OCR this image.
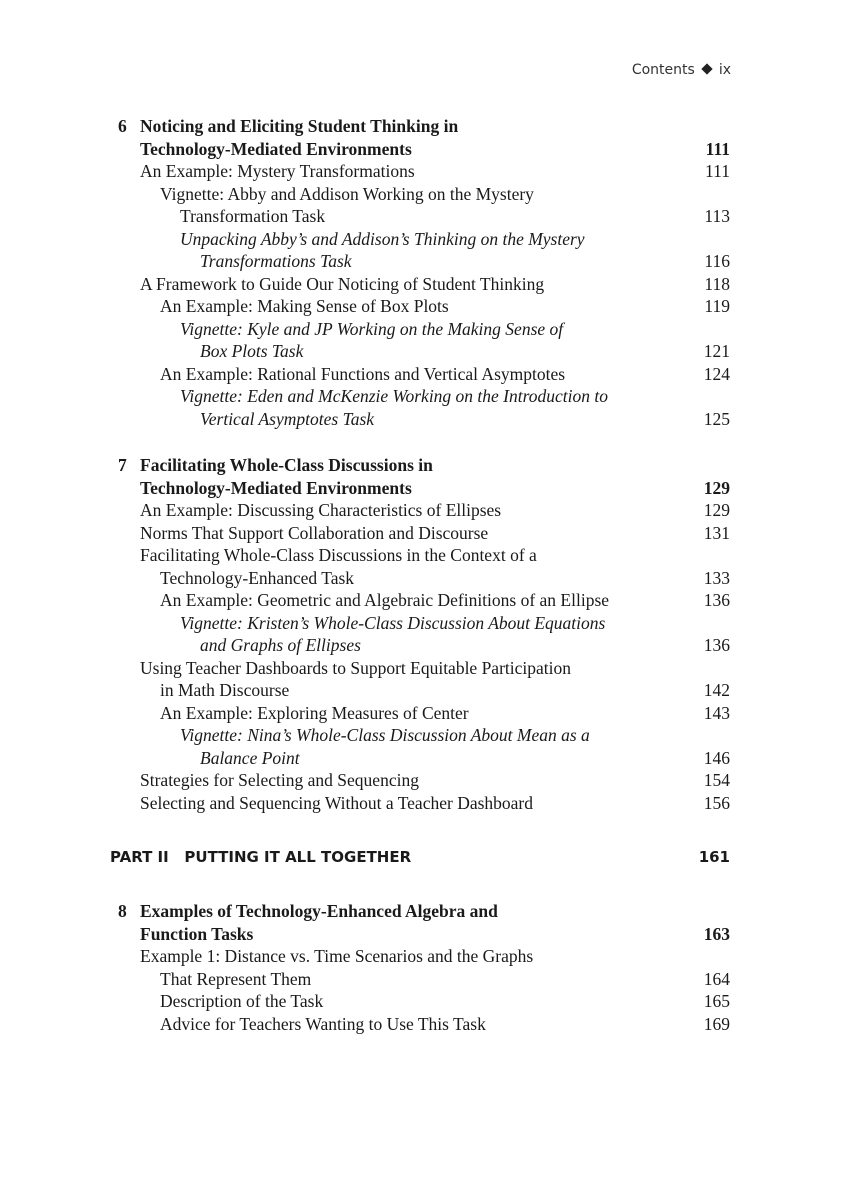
Contents ix
6 Noticing and Eliciting Student Thinking in
Technology-Mediated Environments	111
An Example: Mystery Transformations	111
Vignette: Abby and Addison Working on the Mystery
Transformation Task	113
Unpacking Abby’s and Addison’s Thinking on the Mystery
Transformations Task	116
A Framework to Guide Our Noticing of Student Thinking	118
An Example: Making Sense of Box Plots	119
Vignette: Kyle and JP Working on the Making Sense of
Box Plots Task	121
An Example: Rational Functions and Vertical Asymptotes	124
Vignette: Eden and McKenzie Working on the Introduction to
Vertical Asymptotes Task	125
7 Facilitating Whole-Class Discussions in
Technology-Mediated Environments	129
An Example: Discussing Characteristics of Ellipses	129
Norms That Support Collaboration and Discourse	131
Facilitating Whole-Class Discussions in the Context of a
Technology-Enhanced Task	133
An Example: Geometric and Algebraic Definitions of an Ellipse	136
Vignette: Kristen’s Whole-Class Discussion About Equations
and Graphs of Ellipses	136
Using Teacher Dashboards to Support Equitable Participation
in Math Discourse	142
An Example: Exploring Measures of Center	143
Vignette: Nina’s Whole-Class Discussion About Mean as a
Balance Point	146
Strategies for Selecting and Sequencing	154
Selecting and Sequencing Without a Teacher Dashboard	156
PART II PUTTING IT ALL TOGETHER	161
8 Examples of Technology-Enhanced Algebra and
Function Tasks	163
Example 1: Distance vs. Time Scenarios and the Graphs
That Represent Them	164
Description of the Task	165
Advice for Teachers Wanting to Use This Task	169
